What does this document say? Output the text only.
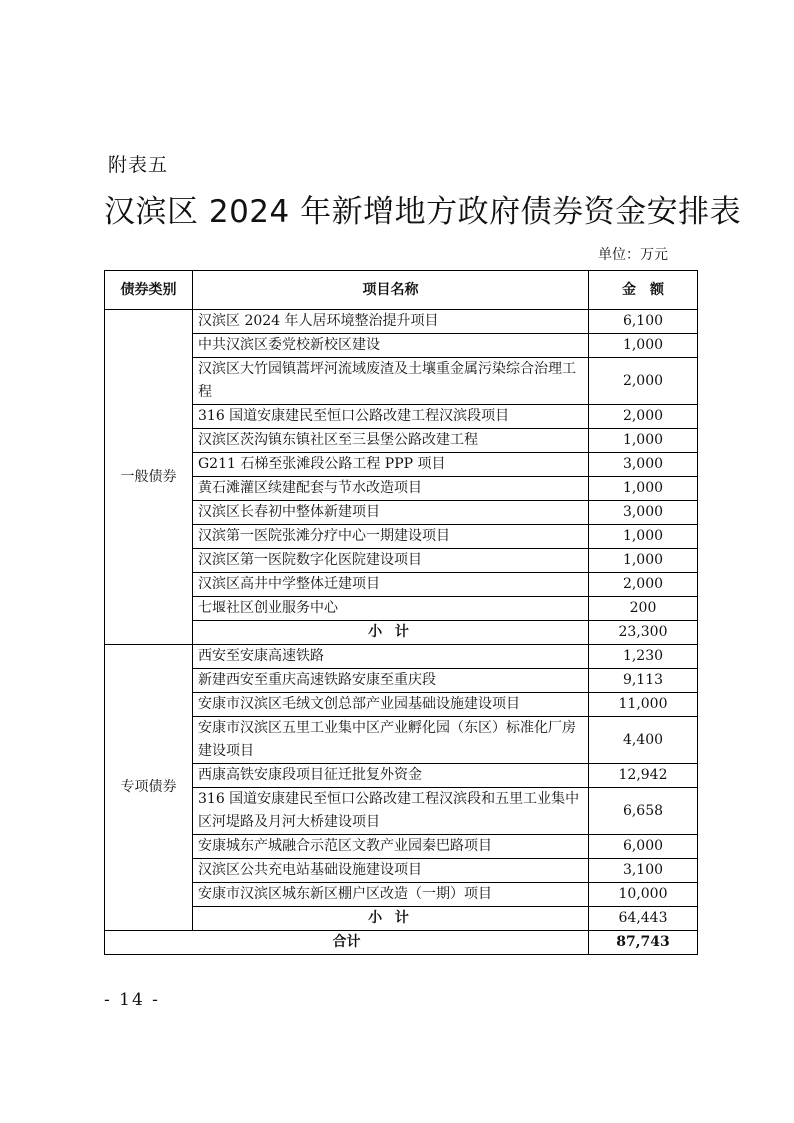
附表五
汉滨区 2024 年新增地方政府债券资金安排表
单位：万元
债券类别	项目名称	金　额
一般债券	汉滨区 2024 年人居环境整治提升项目	6,100
	中共汉滨区委党校新校区建设	1,000
	汉滨区大竹园镇蒿坪河流域废渣及土壤重金属污染综合治理工程	2,000
	316 国道安康建民至恒口公路改建工程汉滨段项目	2,000
	汉滨区茨沟镇东镇社区至三县堡公路改建工程	1,000
	G211 石梯至张滩段公路工程 PPP 项目	3,000
	黄石滩灌区续建配套与节水改造项目	1,000
	汉滨区长春初中整体新建项目	3,000
	汉滨第一医院张滩分疗中心一期建设项目	1,000
	汉滨区第一医院数字化医院建设项目	1,000
	汉滨区高井中学整体迁建项目	2,000
	七堰社区创业服务中心	200
	小 计	23,300
专项债券	西安至安康高速铁路	1,230
	新建西安至重庆高速铁路安康至重庆段	9,113
	安康市汉滨区毛绒文创总部产业园基础设施建设项目	11,000
	安康市汉滨区五里工业集中区产业孵化园（东区）标准化厂房建设项目	4,400
	西康高铁安康段项目征迁批复外资金	12,942
	316 国道安康建民至恒口公路改建工程汉滨段和五里工业集中区河堤路及月河大桥建设项目	6,658
	安康城东产城融合示范区文教产业园秦巴路项目	6,000
	汉滨区公共充电站基础设施建设项目	3,100
	安康市汉滨区城东新区棚户区改造（一期）项目	10,000
	小 计	64,443
合计		87,743
- 14 -
